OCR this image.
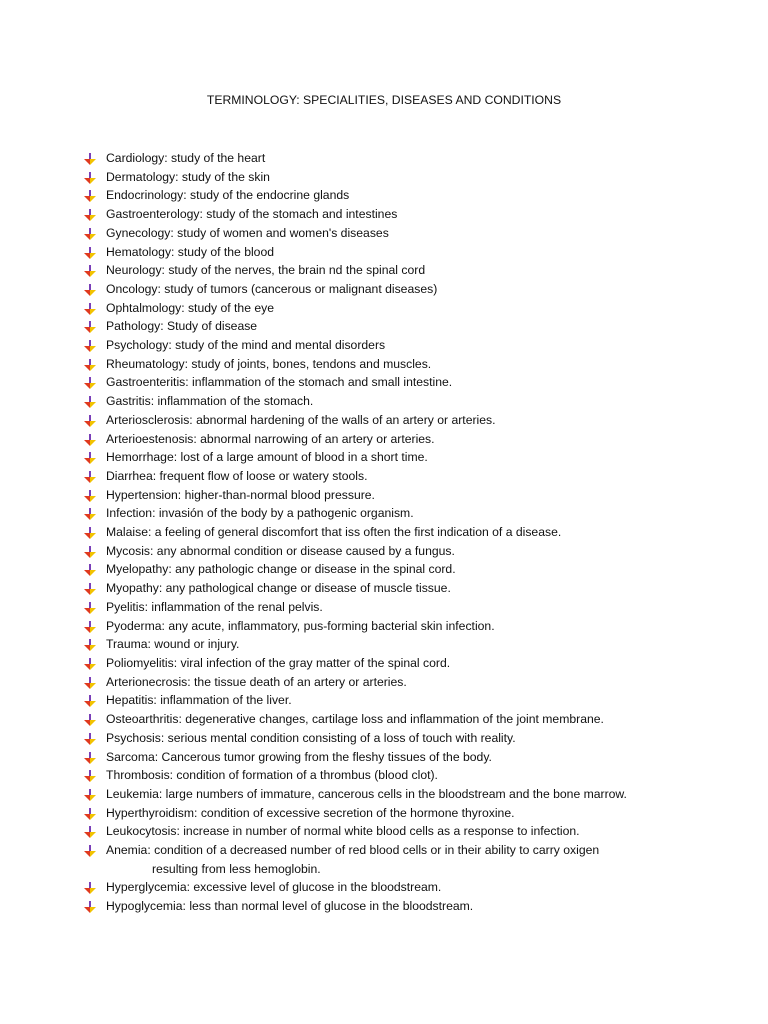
TERMINOLOGY: SPECIALITIES, DISEASES AND CONDITIONS
Cardiology: study of the heart
Dermatology: study of the skin
Endocrinology: study of the endocrine glands
Gastroenterology: study of the stomach and intestines
Gynecology: study of women and women's diseases
Hematology: study of the blood
Neurology: study of the nerves, the brain nd the spinal cord
Oncology: study of tumors (cancerous or malignant diseases)
Ophtalmology: study of the eye
Pathology: Study of disease
Psychology: study of the mind and mental disorders
Rheumatology: study of joints, bones, tendons and muscles.
Gastroenteritis: inflammation of the stomach and small intestine.
Gastritis: inflammation of the stomach.
Arteriosclerosis: abnormal hardening of the walls of an artery or arteries.
Arterioestenosis: abnormal narrowing of an artery or arteries.
Hemorrhage: lost of a large amount of blood in a short time.
Diarrhea: frequent flow of loose or watery stools.
Hypertension: higher-than-normal blood pressure.
Infection: invasión of the body by a pathogenic organism.
Malaise: a feeling of general discomfort that iss often the first indication of a disease.
Mycosis: any abnormal condition or disease caused by a fungus.
Myelopathy: any pathologic change or disease in the spinal cord.
Myopathy: any pathological change or disease of muscle tissue.
Pyelitis: inflammation of the renal pelvis.
Pyoderma: any acute, inflammatory, pus-forming bacterial skin infection.
Trauma: wound or injury.
Poliomyelitis: viral infection of the gray matter of the spinal cord.
Arterionecrosis: the tissue death of an artery or arteries.
Hepatitis: inflammation of the liver.
Osteoarthritis: degenerative changes, cartilage loss and inflammation of the joint membrane.
Psychosis: serious mental condition consisting of a loss of touch with reality.
Sarcoma: Cancerous tumor growing from the fleshy tissues of the body.
Thrombosis: condition of formation of a thrombus (blood clot).
Leukemia: large numbers of immature, cancerous cells in the bloodstream and the bone marrow.
Hyperthyroidism: condition of excessive secretion of the hormone thyroxine.
Leukocytosis: increase in number of normal white blood cells as a response to infection.
Anemia: condition of a decreased number of red blood cells or in their ability to carry oxigen
resulting from less hemoglobin.
Hyperglycemia: excessive level of glucose in the bloodstream.
Hypoglycemia: less than normal level of glucose in the bloodstream.
